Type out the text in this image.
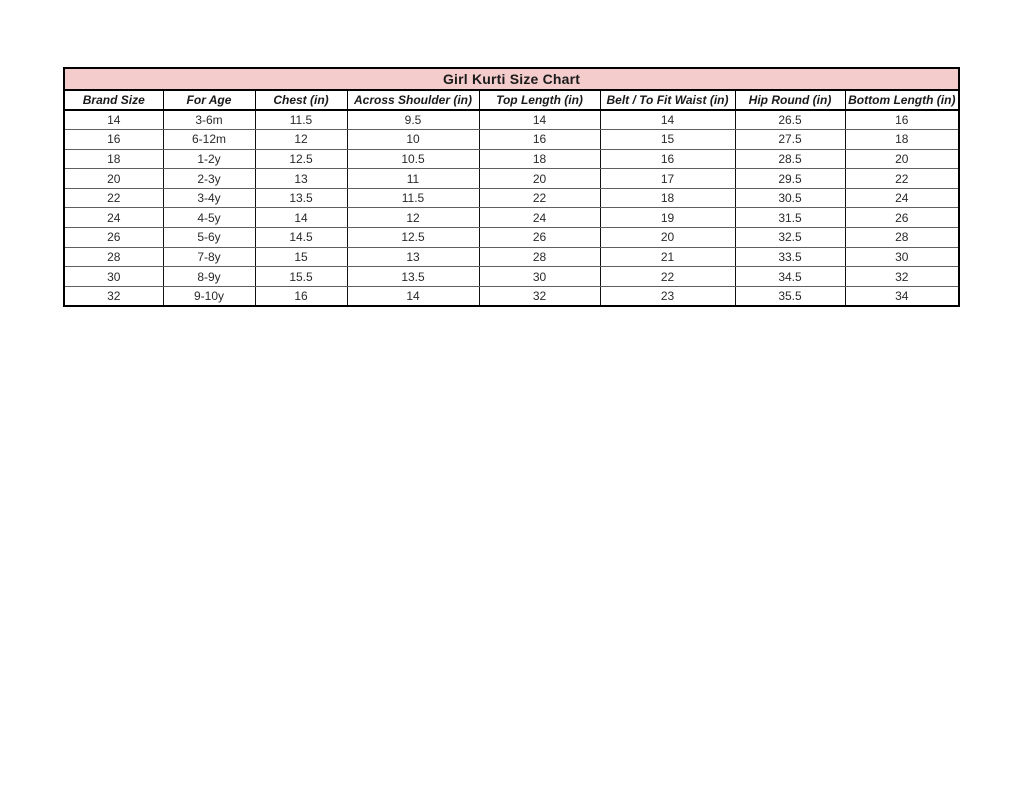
Girl Kurti Size Chart							
Brand Size	For Age	Chest (in)	Across Shoulder (in)	Top Length (in)	Belt / To Fit Waist (in)	Hip Round (in)	Bottom Length (in)
14	3-6m	11.5	9.5	14	14	26.5	16
16	6-12m	12	10	16	15	27.5	18
18	1-2y	12.5	10.5	18	16	28.5	20
20	2-3y	13	11	20	17	29.5	22
22	3-4y	13.5	11.5	22	18	30.5	24
24	4-5y	14	12	24	19	31.5	26
26	5-6y	14.5	12.5	26	20	32.5	28
28	7-8y	15	13	28	21	33.5	30
30	8-9y	15.5	13.5	30	22	34.5	32
32	9-10y	16	14	32	23	35.5	34
